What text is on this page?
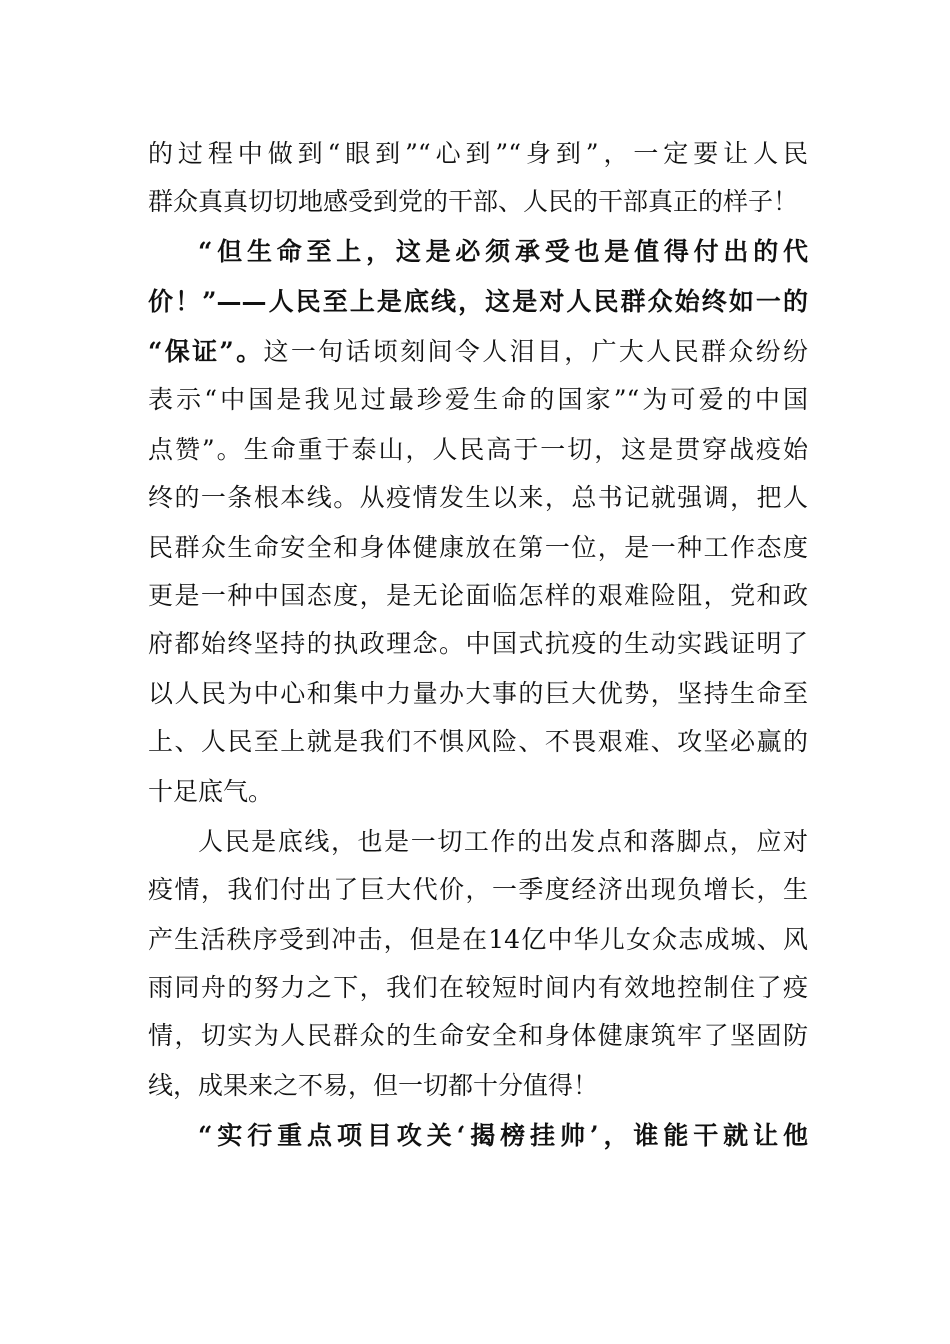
的过程中做到“眼到”“心到”“身到”，一定要让人民
群众真真切切地感受到党的干部、人民的干部真正的样子！
“但生命至上，这是必须承受也是值得付出的代
价！”——人民至上是底线，这是对人民群众始终如一的
“保证”。这一句话顷刻间令人泪目，广大人民群众纷纷
表示“中国是我见过最珍爱生命的国家”“为可爱的中国
点赞”。生命重于泰山，人民高于一切，这是贯穿战疫始
终的一条根本线。从疫情发生以来，总书记就强调，把人
民群众生命安全和身体健康放在第一位，是一种工作态度
更是一种中国态度，是无论面临怎样的艰难险阻，党和政
府都始终坚持的执政理念。中国式抗疫的生动实践证明了
以人民为中心和集中力量办大事的巨大优势，坚持生命至
上、人民至上就是我们不惧风险、不畏艰难、攻坚必赢的
十足底气。
人民是底线，也是一切工作的出发点和落脚点，应对
疫情，我们付出了巨大代价，一季度经济出现负增长，生
产生活秩序受到冲击，但是在14亿中华儿女众志成城、风
雨同舟的努力之下，我们在较短时间内有效地控制住了疫
情，切实为人民群众的生命安全和身体健康筑牢了坚固防
线，成果来之不易，但一切都十分值得！
“实行重点项目攻关‘揭榜挂帅’，谁能干就让他
